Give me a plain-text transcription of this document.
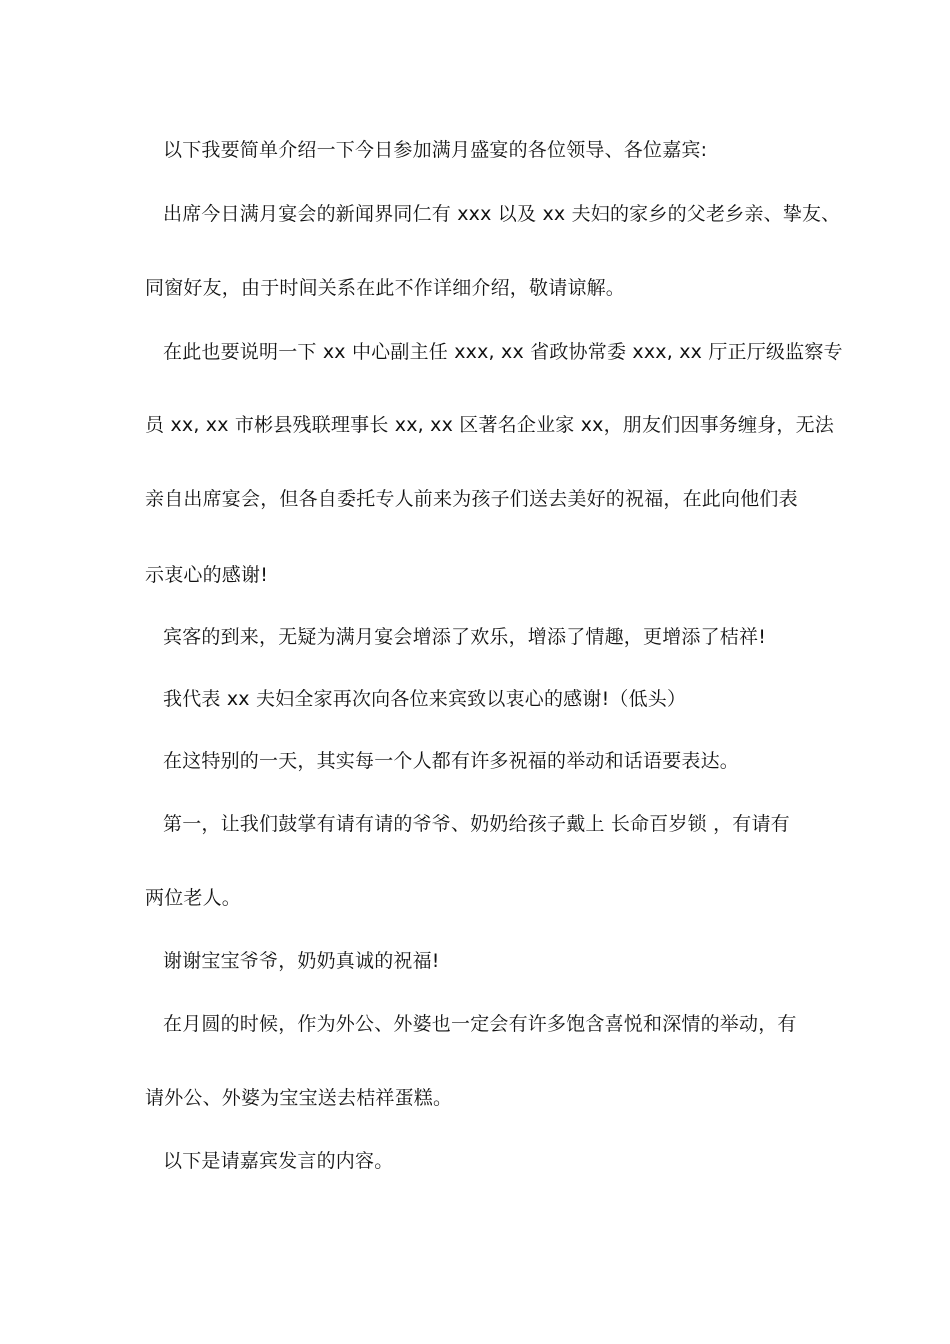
以下我要简单介绍一下今日参加满月盛宴的各位领导、各位嘉宾:
出席今日满月宴会的新闻界同仁有 xxx 以及 xx 夫妇的家乡的父老乡亲、挚友、
同窗好友，由于时间关系在此不作详细介绍，敬请谅解。
在此也要说明一下 xx 中心副主任 xxx, xx 省政协常委 xxx, xx 厅正厅级监察专
员 xx, xx 市彬县残联理事长 xx, xx 区著名企业家 xx，朋友们因事务缠身，无法
亲自出席宴会，但各自委托专人前来为孩子们送去美好的祝福，在此向他们表
示衷心的感谢!
宾客的到来，无疑为满月宴会增添了欢乐，增添了情趣，更增添了桔祥!
我代表 xx 夫妇全家再次向各位来宾致以衷心的感谢!（低头）
在这特别的一天，其实每一个人都有许多祝福的举动和话语要表达。
第一，让我们鼓掌有请有请的爷爷、奶奶给孩子戴上 长命百岁锁 ，有请有
两位老人。
谢谢宝宝爷爷，奶奶真诚的祝福!
在月圆的时候，作为外公、外婆也一定会有许多饱含喜悦和深情的举动，有
请外公、外婆为宝宝送去桔祥蛋糕。
以下是请嘉宾发言的内容。
